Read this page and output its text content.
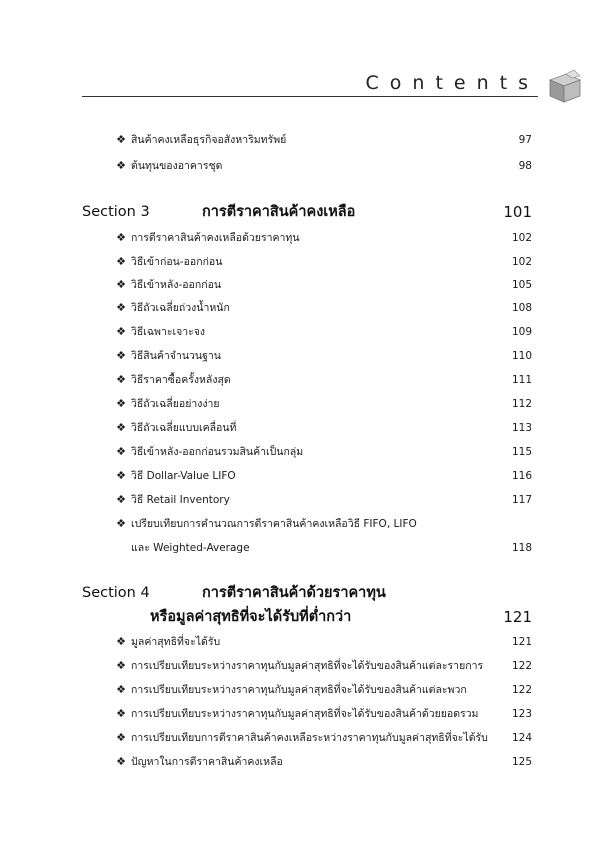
Contents
❖ สินค้าคงเหลือธุรกิจอสังหาริมทรัพย์	97
❖ ต้นทุนของอาคารชุด	98
Section 3	การตีราคาสินค้าคงเหลือ	101
❖ การตีราคาสินค้าคงเหลือด้วยราคาทุน	102
❖ วิธีเข้าก่อน-ออกก่อน	102
❖ วิธีเข้าหลัง-ออกก่อน	105
❖ วิธีถัวเฉลี่ยถ่วงน้ำหนัก	108
❖ วิธีเฉพาะเจาะจง	109
❖ วิธีสินค้าจำนวนฐาน	110
❖ วิธีราคาซื้อครั้งหลังสุด	111
❖ วิธีถัวเฉลี่ยอย่างง่าย	112
❖ วิธีถัวเฉลี่ยแบบเคลื่อนที่	113
❖ วิธีเข้าหลัง-ออกก่อนรวมสินค้าเป็นกลุ่ม	115
❖ วิธี Dollar-Value LIFO	116
❖ วิธี Retail Inventory	117
❖ เปรียบเทียบการคำนวณการตีราคาสินค้าคงเหลือวิธี FIFO, LIFO
และ Weighted-Average	118
Section 4	การตีราคาสินค้าด้วยราคาทุน
หรือมูลค่าสุทธิที่จะได้รับที่ต่ำกว่า	121
❖ มูลค่าสุทธิที่จะได้รับ	121
❖ การเปรียบเทียบระหว่างราคาทุนกับมูลค่าสุทธิที่จะได้รับของสินค้าแต่ละรายการ	122
❖ การเปรียบเทียบระหว่างราคาทุนกับมูลค่าสุทธิที่จะได้รับของสินค้าแต่ละพวก	122
❖ การเปรียบเทียบระหว่างราคาทุนกับมูลค่าสุทธิที่จะได้รับของสินค้าด้วยยอดรวม	123
❖ การเปรียบเทียบการตีราคาสินค้าคงเหลือระหว่างราคาทุนกับมูลค่าสุทธิที่จะได้รับ 124
❖ ปัญหาในการตีราคาสินค้าคงเหลือ	125
